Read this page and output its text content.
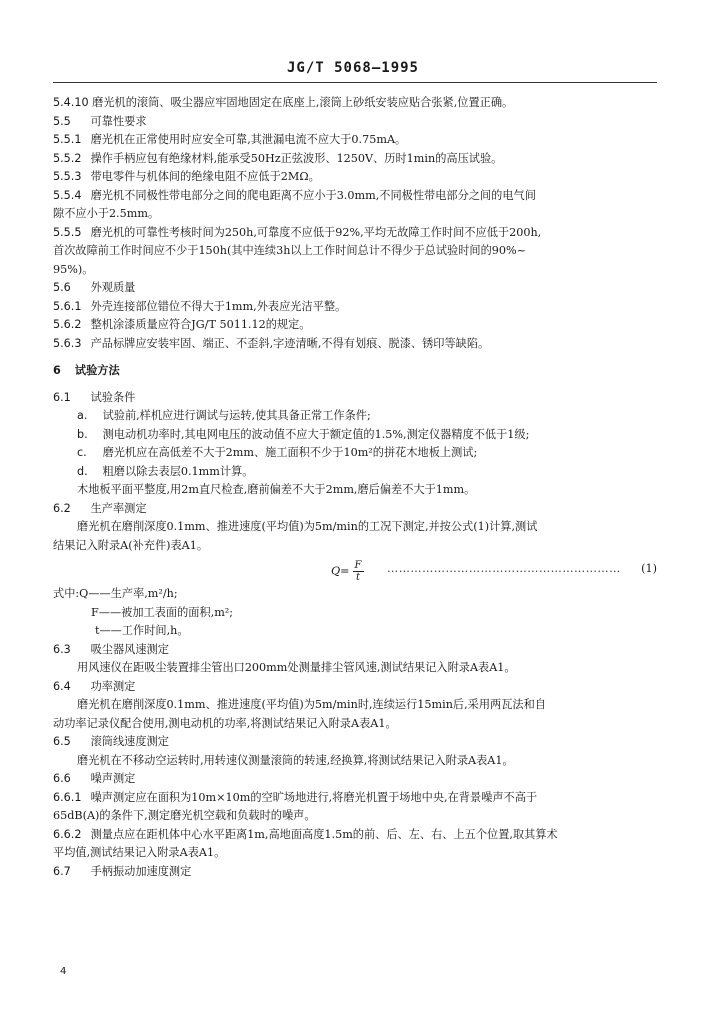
JG/T 5068—1995
5.4.10 磨光机的滚筒、吸尘器应牢固地固定在底座上,滚筒上砂纸安装应贴合张紧,位置正确。
5.5 可靠性要求
5.5.1 磨光机在正常使用时应安全可靠,其泄漏电流不应大于0.75mA。
5.5.2 操作手柄应包有绝缘材料,能承受50Hz正弦波形、1250V、历时1min的高压试验。
5.5.3 带电零件与机体间的绝缘电阻不应低于2MΩ。
5.5.4 磨光机不同极性带电部分之间的爬电距离不应小于3.0mm,不同极性带电部分之间的电气间
隙不应小于2.5mm。
5.5.5 磨光机的可靠性考核时间为250h,可靠度不应低于92%,平均无故障工作时间不应低于200h,
首次故障前工作时间应不少于150h(其中连续3h以上工作时间总计不得少于总试验时间的90%~
95%)。
5.6 外观质量
5.6.1 外壳连接部位错位不得大于1mm,外表应光洁平整。
5.6.2 整机涂漆质量应符合JG/T 5011.12的规定。
5.6.3 产品标牌应安装牢固、端正、不歪斜,字迹清晰,不得有划痕、脱漆、锈印等缺陷。
6 试验方法
6.1 试验条件
a. 试验前,样机应进行调试与运转,使其具备正常工作条件;
b. 测电动机功率时,其电网电压的波动值不应大于额定值的1.5%,测定仪器精度不低于1级;
c. 磨光机应在高低差不大于2mm、施工面积不少于10m²的拼花木地板上测试;
d. 粗磨以除去表层0.1mm计算。
木地板平面平整度,用2m直尺检查,磨前偏差不大于2mm,磨后偏差不大于1mm。
6.2 生产率测定
磨光机在磨削深度0.1mm、推进速度(平均值)为5m/min的工况下测定,并按公式(1)计算,测试
结果记入附录A(补充件)表A1。
$Q= \frac{F}{t}$ …………………………………………………… (1)
式中:Q——生产率,m²/h;
F——被加工表面的面积,m²;
t——工作时间,h。
6.3 吸尘器风速测定
用风速仪在距吸尘装置排尘管出口200mm处测量排尘管风速,测试结果记入附录A表A1。
6.4 功率测定
磨光机在磨削深度0.1mm、推进速度(平均值)为5m/min时,连续运行15min后,采用两瓦法和自
动功率记录仪配合使用,测电动机的功率,将测试结果记入附录A表A1。
6.5 滚筒线速度测定
磨光机在不移动空运转时,用转速仪测量滚筒的转速,经换算,将测试结果记入附录A表A1。
6.6 噪声测定
6.6.1 噪声测定应在面积为10m×10m的空旷场地进行,将磨光机置于场地中央,在背景噪声不高于
65dB(A)的条件下,测定磨光机空载和负载时的噪声。
6.6.2 测量点应在距机体中心水平距离1m,高地面高度1.5m的前、后、左、右、上五个位置,取其算术
平均值,测试结果记入附录A表A1。
6.7 手柄振动加速度测定
4
